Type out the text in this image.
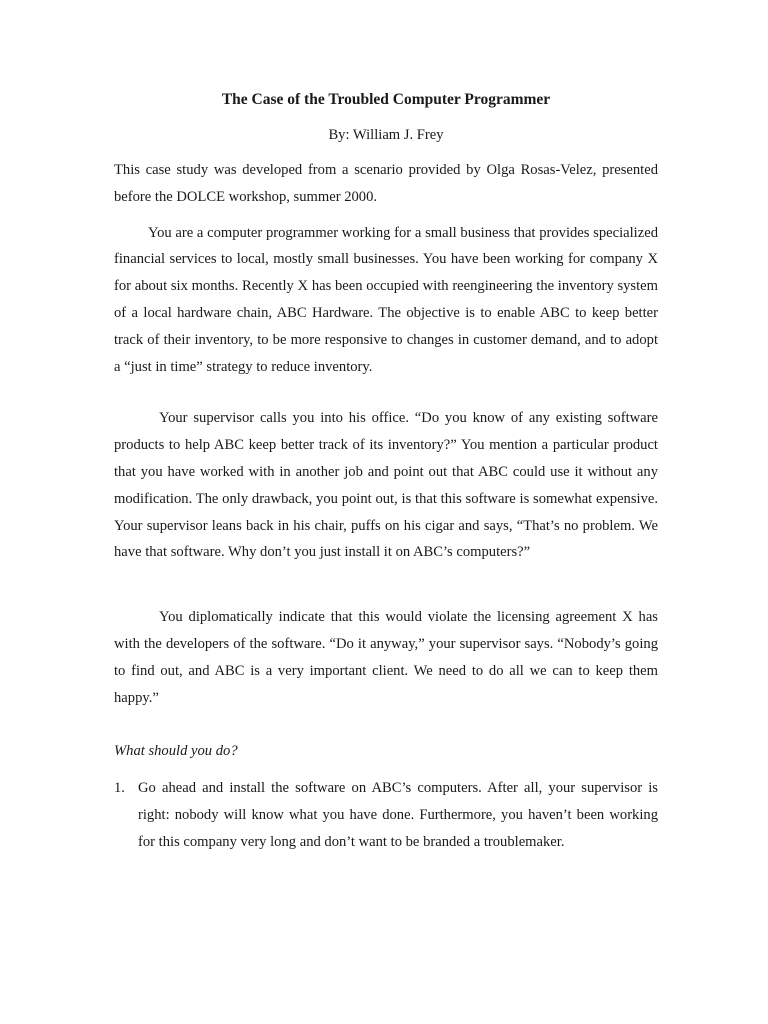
The Case of the Troubled Computer Programmer

By: William J. Frey

This case study was developed from a scenario provided by Olga Rosas-Velez, presented before the DOLCE workshop, summer 2000.

You are a computer programmer working for a small business that provides specialized financial services to local, mostly small businesses. You have been working for company X for about six months. Recently X has been occupied with reengineering the inventory system of a local hardware chain, ABC Hardware. The objective is to enable ABC to keep better track of their inventory, to be more responsive to changes in customer demand, and to adopt a “just in time” strategy to reduce inventory.

Your supervisor calls you into his office. “Do you know of any existing software products to help ABC keep better track of its inventory?” You mention a particular product that you have worked with in another job and point out that ABC could use it without any modification. The only drawback, you point out, is that this software is somewhat expensive. Your supervisor leans back in his chair, puffs on his cigar and says, “That’s no problem. We have that software. Why don’t you just install it on ABC’s computers?”

You diplomatically indicate that this would violate the licensing agreement X has with the developers of the software. “Do it anyway,” your supervisor says. “Nobody’s going to find out, and ABC is a very important client. We need to do all we can to keep them happy.”

What should you do?

1. Go ahead and install the software on ABC’s computers. After all, your supervisor is right: nobody will know what you have done. Furthermore, you haven’t been working for this company very long and don’t want to be branded a troublemaker.
